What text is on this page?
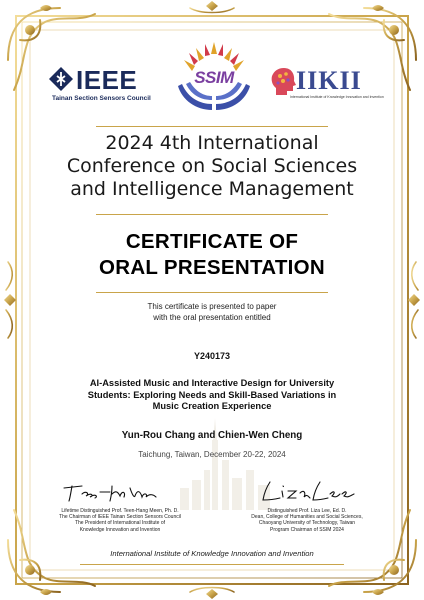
IEEE
Tainan Section Sensors Council
SSIM IIKII
International Institute of Knowledge Innovation and Invention
2024 4th International
Conference on Social Sciences
and Intelligence Management
CERTIFICATE OF
ORAL PRESENTATION
This certificate is presented to paper
with the oral presentation entitled
Y240173
AI-Assisted Music and Interactive Design for University
Students: Exploring Needs and Skill-Based Variations in
Music Creation Experience
Yun-Rou Chang and Chien-Wen Cheng
Taichung, Taiwan, December 20-22, 2024
Lifetime Distinguished Prof. Teen-Hang Meen, Ph. D.
The Chairman of IEEE Tainan Section Sensors Council
The President of International Institute of
Knowledge Innovation and Invention
Distinguished Prof. Liza Lee, Ed. D.
Dean, College of Humanities and Social Sciences,
Chaoyang University of Technology, Taiwan
Program Chairman of SSIM 2024
International Institute of Knowledge Innovation and Invention
